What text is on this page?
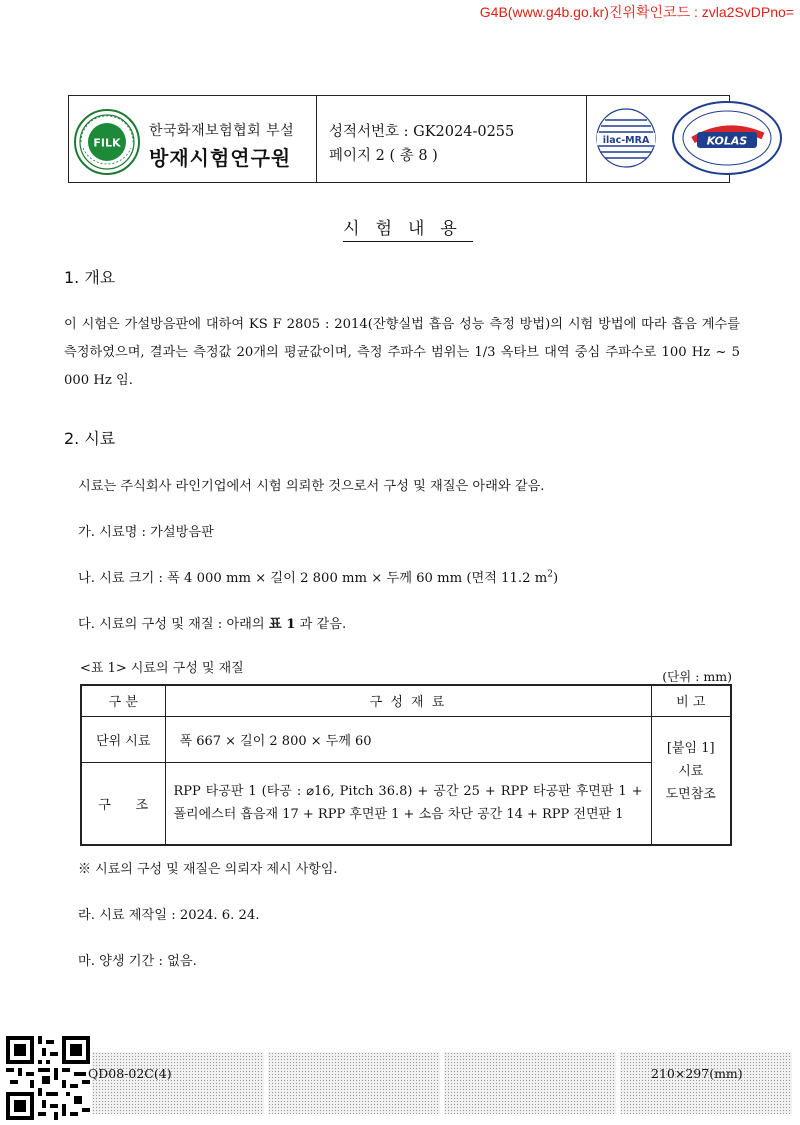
G4B(www.g4b.go.kr)진위확인코드 : zvla2SvDPno=
FILK
한국화재보험협회 부설
방재시험연구원
성적서번호 : GK2024-0255
페이지 2 ( 총 8 )
ilac-MRA	KOLAS
시험내용
1. 개요
이 시험은 가설방음판에 대하여 KS F 2805 : 2014(잔향실법 흡음 성능 측정 방법)의 시험 방법에 따라 흡음 계수를 측정하였으며, 결과는 측정값 20개의 평균값이며, 측정 주파수 범위는 1/3 옥타브 대역 중심 주파수로 100 Hz ~ 5 000 Hz 임.
2. 시료
시료는 주식회사 라인기업에서 시험 의뢰한 것으로서 구성 및 재질은 아래와 같음.
가. 시료명 : 가설방음판
나. 시료 크기 : 폭 4 000 mm × 길이 2 800 mm × 두께 60 mm (면적 11.2 $m^2$)
다. 시료의 구성 및 재질 : 아래의 표 1 과 같음.
<표 1> 시료의 구성 및 재질
(단위 : mm)
구 분	구 성 재 료	비 고
단위 시료	폭 667 × 길이 2 800 × 두께 60	[붙임 1]
시료
도면참조

구      조	RPP 타공판 1 (타공 : ⌀16, Pitch 36.8) + 공간 25 + RPP 타공판 후면판 1 + 폴리에스터 흡음재 17 + RPP 후면판 1 + 소음 차단 공간 14 + RPP 전면판 1	
※ 시료의 구성 및 재질은 의뢰자 제시 사항임.
라. 시료 제작일 : 2024. 6. 24.
마. 양생 기간 : 없음.
QD08-02C(4)	210×297(mm)
